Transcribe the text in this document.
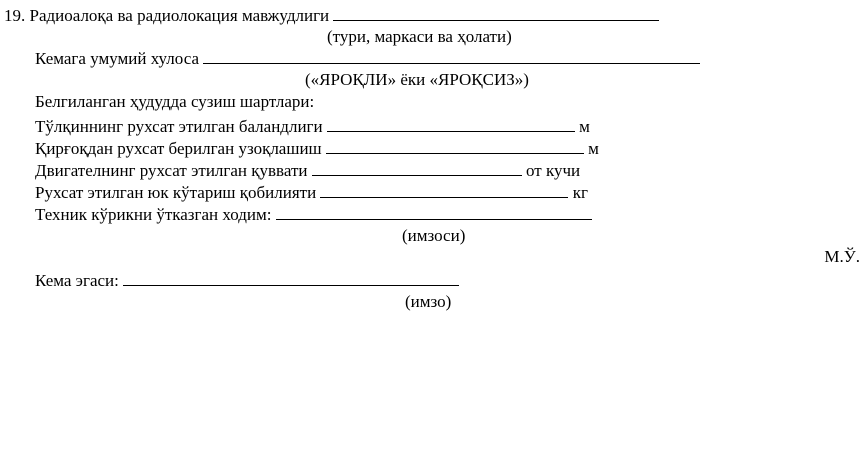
19. Радиоалоқа ва радиолокация мавжудлиги
(тури, маркаси ва ҳолати)
Кемага умумий хулоса
(«ЯРОҚЛИ» ёки «ЯРОҚСИЗ»)
Белгиланган ҳудудда сузиш шартлари:
Тўлқиннинг рухсат этилган баландлиги	м
Қирғоқдан рухсат берилган узоқлашиш	м
Двигателнинг рухсат этилган қуввати	от кучи
Рухсат этилган юк кўтариш қобилияти	кг
Техник кўрикни ўтказган ходим:
(имзоси)
М.Ў.
Кема эгаси:
(имзо)
